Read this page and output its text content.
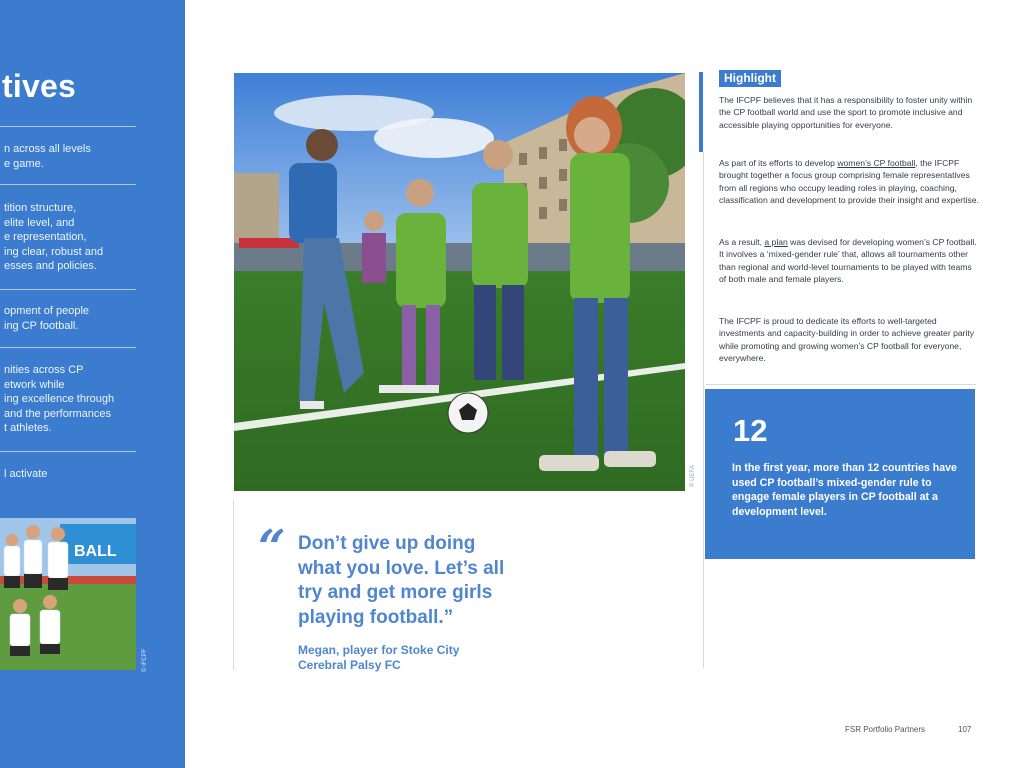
tives
n across all levels
e game.
tition structure,
elite level, and
e representation,
ing clear, robust and
esses and policies.
opment of people
ing CP football.
nities across CP
etwork while
ing excellence through
and the performances
t athletes.
l activate
BALL
© IFCPF
© UEFA
“ Don’t give up doing
what you love. Let’s all
try and get more girls
playing football.”
Megan, player for Stoke City
Cerebral Palsy FC
Highlight
The IFCPF believes that it has a responsibility to foster unity within the CP football world and use the sport to promote inclusive and accessible playing opportunities for everyone.
As part of its efforts to develop women’s CP football, the IFCPF brought together a focus group comprising female representatives from all regions who occupy leading roles in playing, coaching, classification and development to provide their insight and expertise.
As a result, a plan was devised for developing women’s CP football. It involves a ‘mixed-gender rule’ that, allows all tournaments other than regional and world-level tournaments to be played with teams of both male and female players.
The IFCPF is proud to dedicate its efforts to well-targeted investments and capacity-building in order to achieve greater parity while promoting and growing women’s CP football for everyone, everywhere.
12
In the first year, more than 12 countries have used CP football’s mixed-gender rule to engage female players in CP football at a development level.
FSR Portfolio Partners	107
